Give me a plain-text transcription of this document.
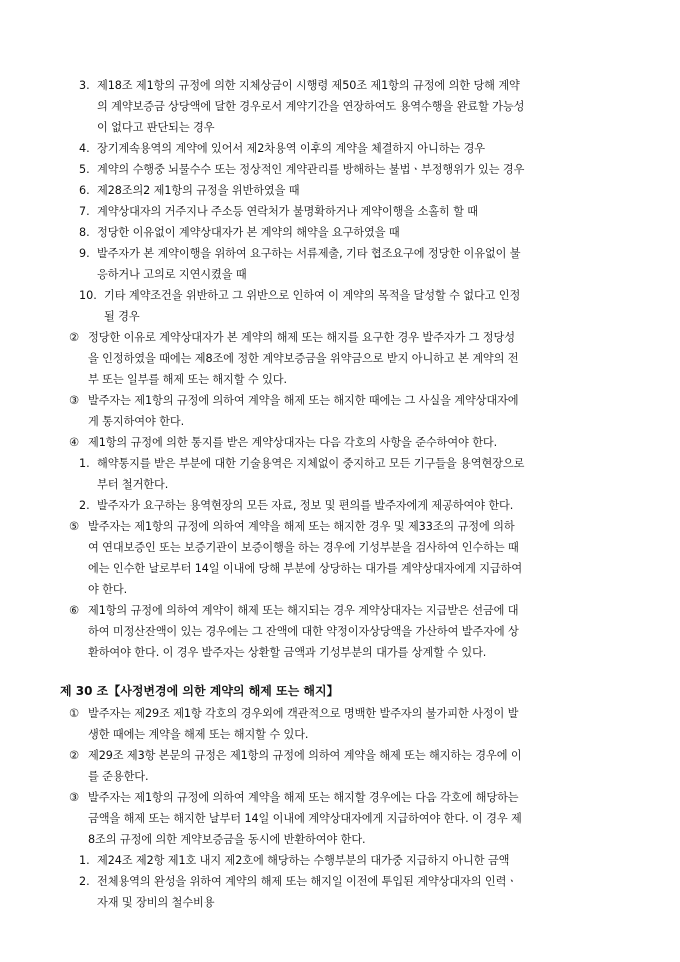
3. 제18조 제1항의 규정에 의한 지체상금이 시행령 제50조 제1항의 규정에 의한 당해 계약
의 계약보증금 상당액에 달한 경우로서 계약기간을 연장하여도 용역수행을 완료할 가능성
이 없다고 판단되는 경우
4. 장기계속용역의 계약에 있어서 제2차용역 이후의 계약을 체결하지 아니하는 경우
5. 계약의 수행중 뇌물수수 또는 정상적인 계약관리를 방해하는 불법ㆍ부정행위가 있는 경우
6. 제28조의2 제1항의 규정을 위반하였을 때
7. 계약상대자의 거주지나 주소등 연락처가 불명확하거나 계약이행을 소홀히 할 때
8. 정당한 이유없이 계약상대자가 본 계약의 해약을 요구하였을 때
9. 발주자가 본 계약이행을 위하여 요구하는 서류제출, 기타 협조요구에 정당한 이유없이 불
응하거나 고의로 지연시켰을 때
10. 기타 계약조건을 위반하고 그 위반으로 인하여 이 계약의 목적을 달성할 수 없다고 인정
될 경우
② 정당한 이유로 계약상대자가 본 계약의 해제 또는 해지를 요구한 경우 발주자가 그 정당성
을 인정하였을 때에는 제8조에 정한 계약보증금을 위약금으로 받지 아니하고 본 계약의 전
부 또는 일부를 해제 또는 해지할 수 있다.
③ 발주자는 제1항의 규정에 의하여 계약을 해제 또는 해지한 때에는 그 사실을 계약상대자에
게 통지하여야 한다.
④ 제1항의 규정에 의한 통지를 받은 계약상대자는 다음 각호의 사항을 준수하여야 한다.
1. 해약통지를 받은 부분에 대한 기술용역은 지체없이 중지하고 모든 기구들을 용역현장으로
부터 철거한다.
2. 발주자가 요구하는 용역현장의 모든 자료, 정보 및 편의를 발주자에게 제공하여야 한다.
⑤ 발주자는 제1항의 규정에 의하여 계약을 해제 또는 해지한 경우 및 제33조의 규정에 의하
여 연대보증인 또는 보증기관이 보증이행을 하는 경우에 기성부분을 검사하여 인수하는 때
에는 인수한 날로부터 14일 이내에 당해 부분에 상당하는 대가를 계약상대자에게 지급하여
야 한다.
⑥ 제1항의 규정에 의하여 계약이 해제 또는 해지되는 경우 계약상대자는 지급받은 선금에 대
하여 미정산잔액이 있는 경우에는 그 잔액에 대한 약정이자상당액을 가산하여 발주자에 상
환하여야 한다. 이 경우 발주자는 상환할 금액과 기성부분의 대가를 상계할 수 있다.
제 30 조【사정변경에 의한 계약의 해제 또는 해지】
① 발주자는 제29조 제1항 각호의 경우외에 객관적으로 명백한 발주자의 불가피한 사정이 발
생한 때에는 계약을 해제 또는 해지할 수 있다.
② 제29조 제3항 본문의 규정은 제1항의 규정에 의하여 계약을 해제 또는 해지하는 경우에 이
를 준용한다.
③ 발주자는 제1항의 규정에 의하여 계약을 해제 또는 해지할 경우에는 다음 각호에 해당하는
금액을 해제 또는 해지한 날부터 14일 이내에 계약상대자에게 지급하여야 한다. 이 경우 제
8조의 규정에 의한 계약보증금을 동시에 반환하여야 한다.
1. 제24조 제2항 제1호 내지 제2호에 해당하는 수행부분의 대가중 지급하지 아니한 금액
2. 전체용역의 완성을 위하여 계약의 해제 또는 해지일 이전에 투입된 계약상대자의 인력ㆍ
자재 및 장비의 철수비용
